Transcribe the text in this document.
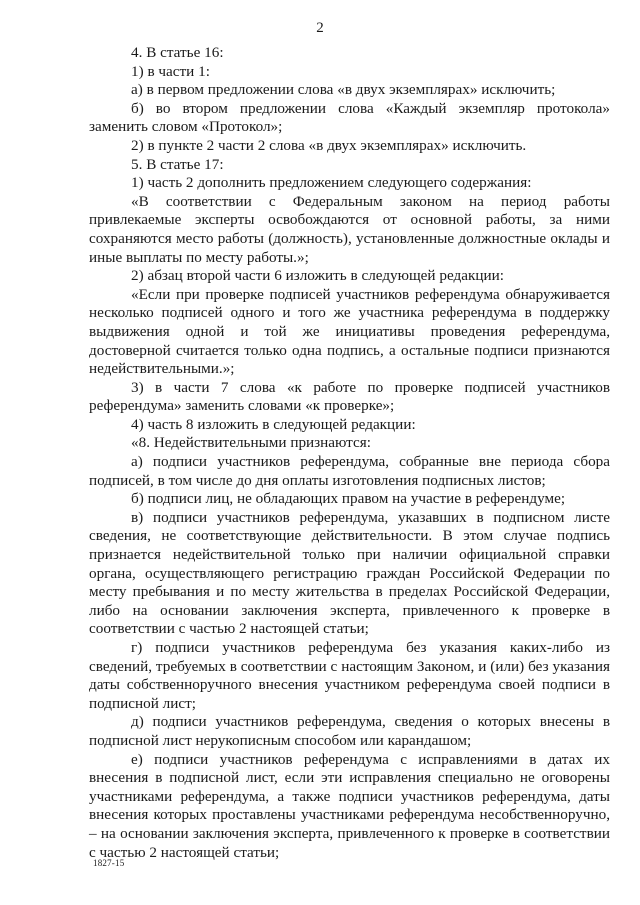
2

4. В статье 16:

1) в части 1:

а) в первом предложении слова «в двух экземплярах» исключить;

б) во втором предложении слова «Каждый экземпляр протокола» заменить словом «Протокол»;

2) в пункте 2 части 2 слова «в двух экземплярах» исключить.

5. В статье 17:

1) часть 2 дополнить предложением следующего содержания:

«В соответствии с Федеральным законом на период работы привлекаемые эксперты освобождаются от основной работы, за ними сохраняются место работы (должность), установленные должностные оклады и иные выплаты по месту работы.»;

2) абзац второй части 6 изложить в следующей редакции:

«Если при проверке подписей участников референдума обнаруживается несколько подписей одного и того же участника референдума в поддержку выдвижения одной и той же инициативы проведения референдума, достоверной считается только одна подпись, а остальные подписи признаются недействительными.»;

3) в части 7 слова «к работе по проверке подписей участников референдума» заменить словами «к проверке»;

4) часть 8 изложить в следующей редакции:

«8. Недействительными признаются:

а) подписи участников референдума, собранные вне периода сбора подписей, в том числе до дня оплаты изготовления подписных листов;

б) подписи лиц, не обладающих правом на участие в референдуме;

в) подписи участников референдума, указавших в подписном листе сведения, не соответствующие действительности. В этом случае подпись признается недействительной только при наличии официальной справки органа, осуществляющего регистрацию граждан Российской Федерации по месту пребывания и по месту жительства в пределах Российской Федерации, либо на основании заключения эксперта, привлеченного к проверке в соответствии с частью 2 настоящей статьи;

г) подписи участников референдума без указания каких-либо из сведений, требуемых в соответствии с настоящим Законом, и (или) без указания даты собственноручного внесения участником референдума своей подписи в подписной лист;

д) подписи участников референдума, сведения о которых внесены в подписной лист нерукописным способом или карандашом;

е) подписи участников референдума с исправлениями в датах их внесения в подписной лист, если эти исправления специально не оговорены участниками референдума, а также подписи участников референдума, даты внесения которых проставлены участниками референдума несобственноручно, – на основании заключения эксперта, привлеченного к проверке в соответствии с частью 2 настоящей статьи;

1827-15
